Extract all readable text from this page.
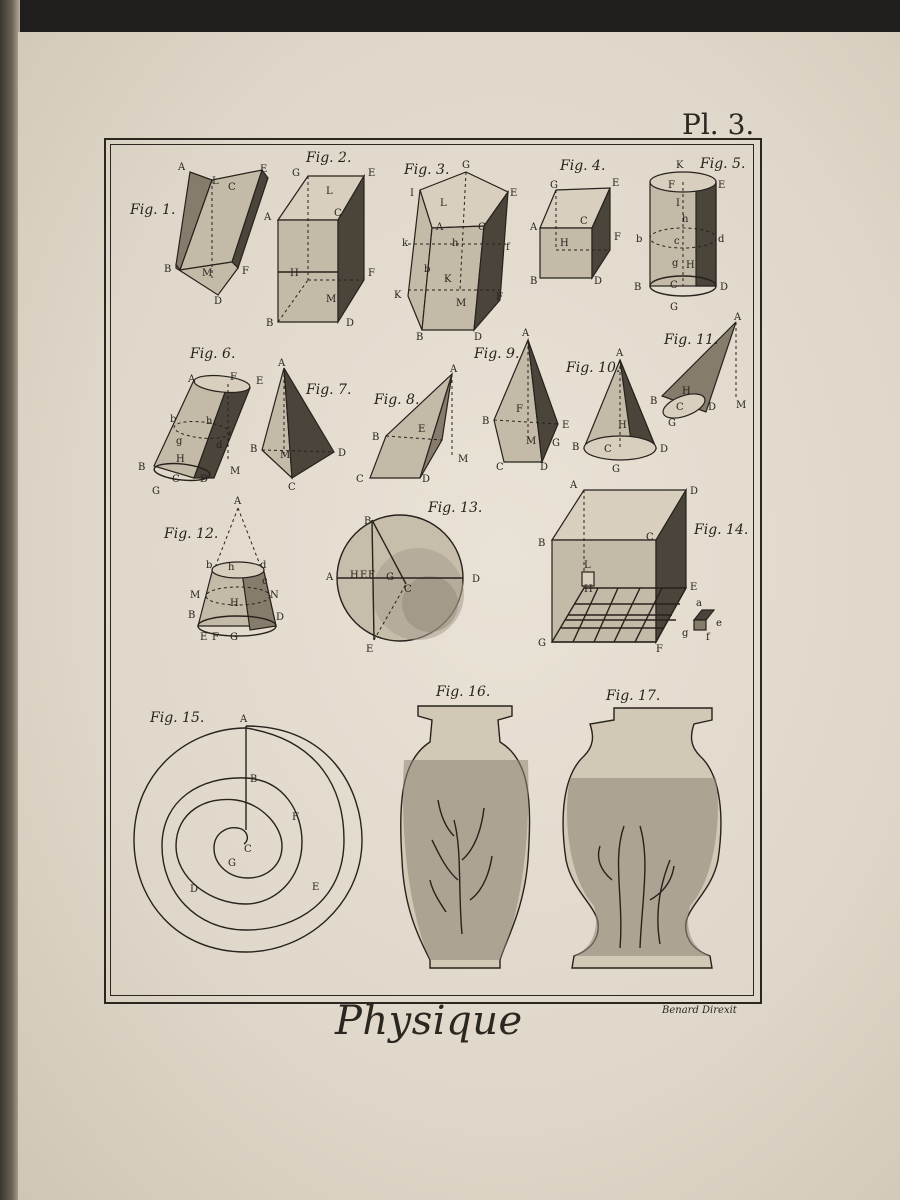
Pl. 3.
Fig. 1.
A
L
C
E
B	M	F
D
Fig. 2.
G	E
L
A	C
H	F
M
B	D
Fig. 3. G
I	E
L
A	C
k	h	f
b
K
K
F
M
B	D
Fig. 4.
G	E
A
C
F
H
B	D
Fig. 5.
K
F	E
I
h
b	c	d
g H
B	C	D
G
Fig. 6.
A	F E
b	h
g	d
B
H
C D
G
M
Fig. 7.
A
B
M	D
C
Fig. 8.
A
B
E
C	D
M
Fig. 9.
A
F
B	E
M G
C	D
Fig. 10.
A
H
B C	D
G
Fig. 11.
A
H
B
C D
G
M
Fig. 12.
A
b h	d
c
M	N
B
H
E F G
D
Fig. 13.
B
A H E F G
C
D
E
Fig. 14.
A
D
B
C
L
H	E
G
F
a
g
e
f
Fig. 15.	A
B
F
C
G
D	E
Fig. 16.	Fig. 17.
Physique	Benard Direxit
